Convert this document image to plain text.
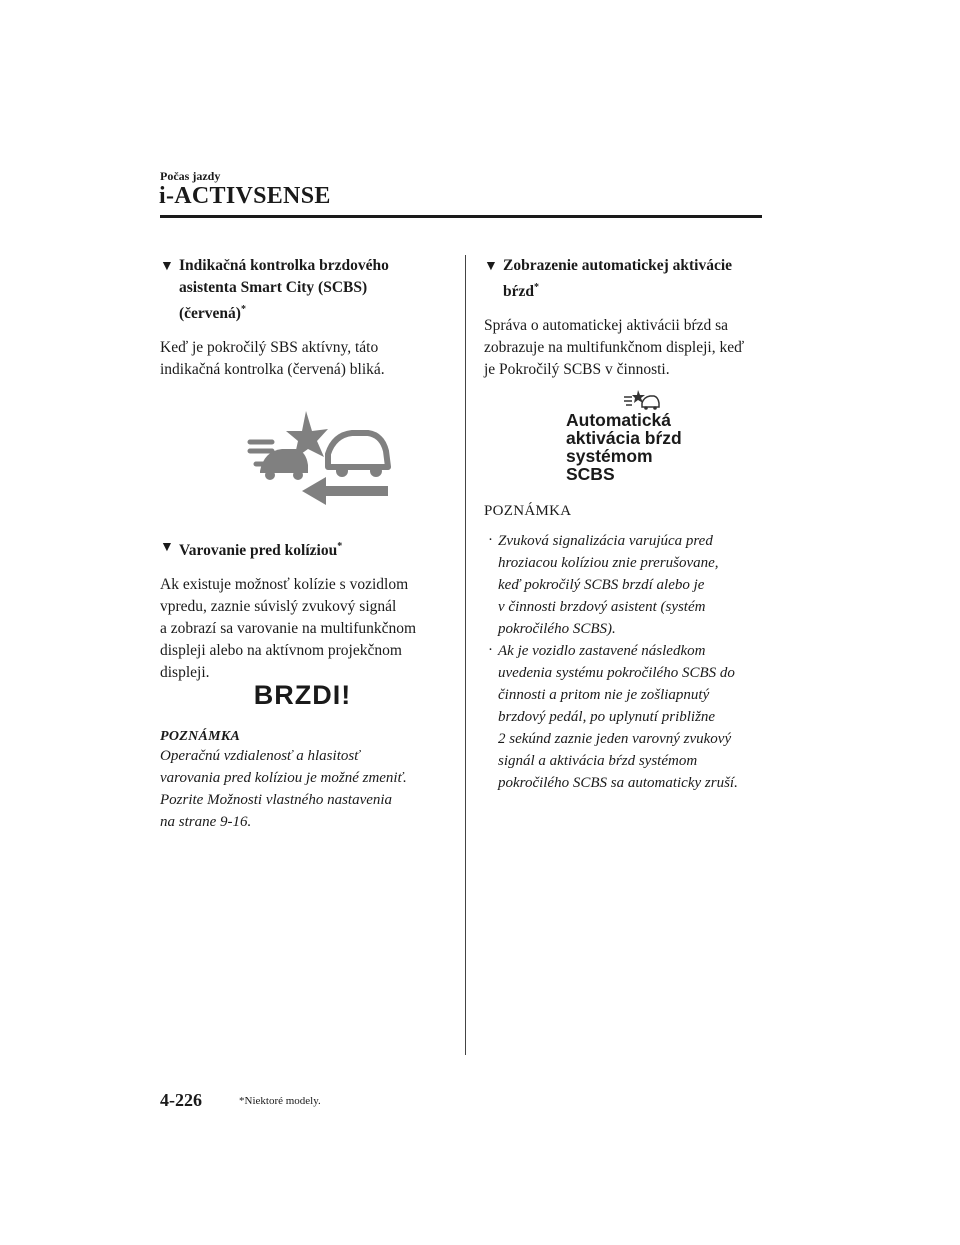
Počas jazdy
i-ACTIVSENSE
▼ Indikačná kontrolka brzdového
asistenta Smart City (SCBS)
(červená)*
Keď je pokročilý SBS aktívny, táto
indikačná kontrolka (červená) bliká.
▼ Varovanie pred kolíziou*
Ak existuje možnosť kolízie s vozidlom
vpredu, zaznie súvislý zvukový signál
a zobrazí sa varovanie na multifunkčnom
displeji alebo na aktívnom projekčnom
displeji.
BRZDI!
POZNÁMKA
Operačnú vzdialenosť a hlasitosť
varovania pred kolíziou je možné zmeniť.
Pozrite Možnosti vlastného nastavenia
na strane 9-16.
▼ Zobrazenie automatickej aktivácie
bŕzd*
Správa o automatickej aktivácii bŕzd sa
zobrazuje na multifunkčnom displeji, keď
je Pokročilý SCBS v činnosti.
Automatická
aktivácia bŕzd
systémom
SCBS
POZNÁMKA
· Zvuková signalizácia varujúca pred
hroziacou kolíziou znie prerušovane,
keď pokročilý SCBS brzdí alebo je
v činnosti brzdový asistent (systém
pokročilého SCBS).
· Ak je vozidlo zastavené následkom
uvedenia systému pokročilého SCBS do
činnosti a pritom nie je zošliapnutý
brzdový pedál, po uplynutí približne
2 sekúnd zaznie jeden varovný zvukový
signál a aktivácia bŕzd systémom
pokročilého SCBS sa automaticky zruší.
4-226	*Niektoré modely.
